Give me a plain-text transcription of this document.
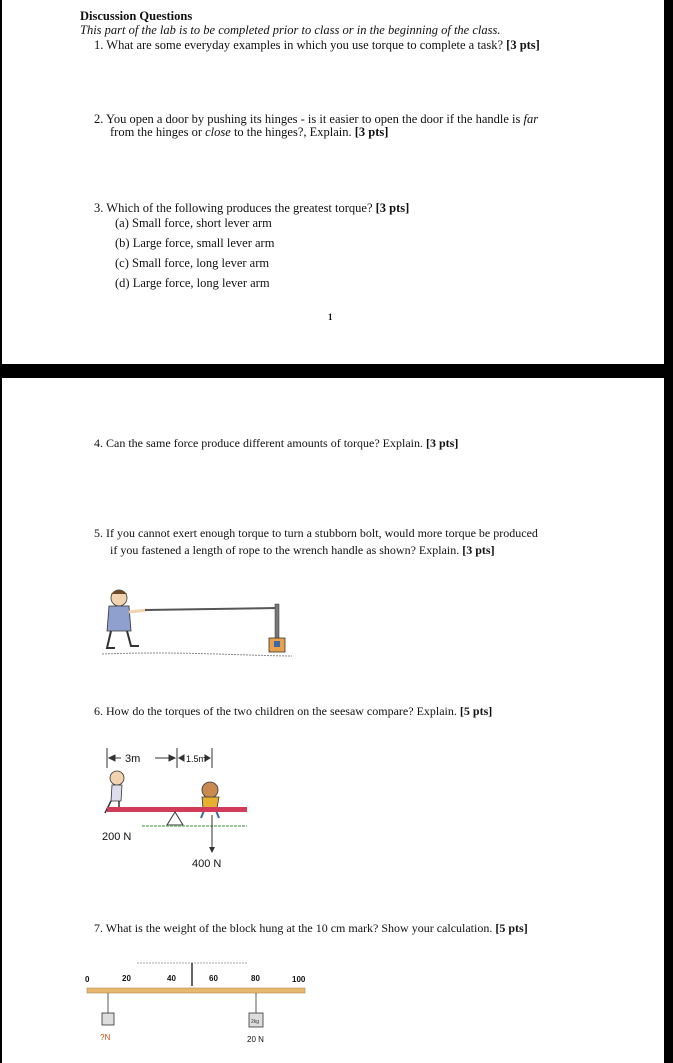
Discussion Questions
This part of the lab is to be completed prior to class or in the beginning of the class.
1. What are some everyday examples in which you use torque to complete a task? [3 pts]
2. You open a door by pushing its hinges - is it easier to open the door if the handle is far
from the hinges or close to the hinges?, Explain. [3 pts]
3. Which of the following produces the greatest torque? [3 pts]
(a) Small force, short lever arm
(b) Large force, small lever arm
(c) Small force, long lever arm
(d) Large force, long lever arm
1
4. Can the same force produce different amounts of torque? Explain. [3 pts]
5. If you cannot exert enough torque to turn a stubborn bolt, would more torque be produced
if you fastened a length of rope to the wrench handle as shown? Explain. [3 pts]
6. How do the torques of the two children on the seesaw compare? Explain. [5 pts]
3m	1.5m
200 N
400 N
7. What is the weight of the block hung at the 10 cm mark? Show your calculation. [5 pts]
0	20	40	60	80	100
2kg
?N	20 N
